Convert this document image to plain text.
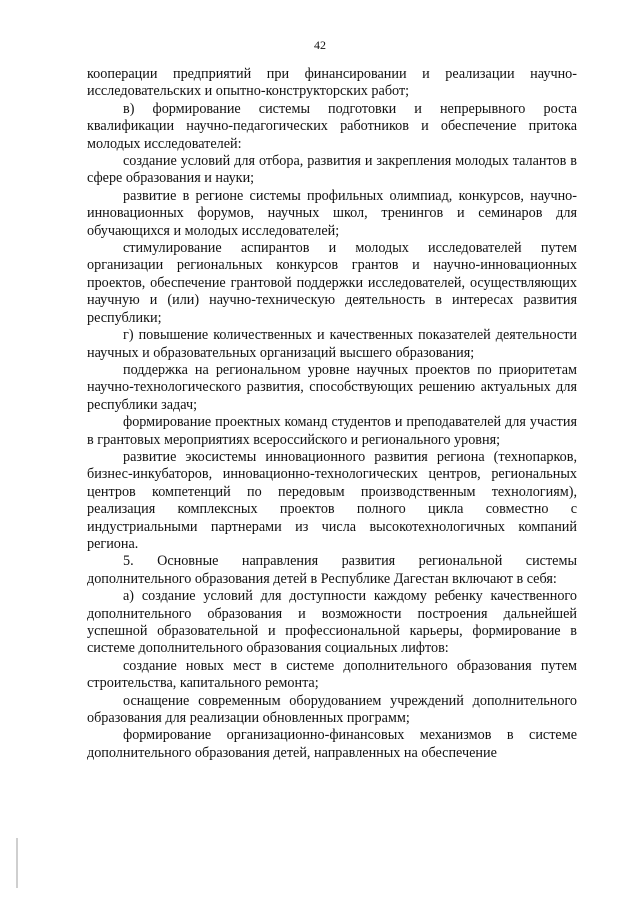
42

кооперации предприятий при финансировании и реализации научно-исследовательских и опытно-конструкторских работ;

в) формирование системы подготовки и непрерывного роста квалификации научно-педагогических работников и обеспечение притока молодых исследователей:

создание условий для отбора, развития и закрепления молодых талантов в сфере образования и науки;

развитие в регионе системы профильных олимпиад, конкурсов, научно-инновационных форумов, научных школ, тренингов и семинаров для обучающихся и молодых исследователей;

стимулирование аспирантов и молодых исследователей путем организации региональных конкурсов грантов и научно-инновационных проектов, обеспечение грантовой поддержки исследователей, осуществляющих научную и (или) научно-техническую деятельность в интересах развития республики;

г) повышение количественных и качественных показателей деятельности научных и образовательных организаций высшего образования;

поддержка на региональном уровне научных проектов по приоритетам научно-технологического развития, способствующих решению актуальных для республики задач;

формирование проектных команд студентов и преподавателей для участия в грантовых мероприятиях всероссийского и регионального уровня;

развитие экосистемы инновационного развития региона (технопарков, бизнес-инкубаторов, инновационно-технологических центров, региональных центров компетенций по передовым производственным технологиям), реализация комплексных проектов полного цикла совместно с индустриальными партнерами из числа высокотехнологичных компаний региона.

5. Основные направления развития региональной системы дополнительного образования детей в Республике Дагестан включают в себя:

а) создание условий для доступности каждому ребенку качественного дополнительного образования и возможности построения дальнейшей успешной образовательной и профессиональной карьеры, формирование в системе дополнительного образования социальных лифтов:

создание новых мест в системе дополнительного образования путем строительства, капитального ремонта;

оснащение современным оборудованием учреждений дополнительного образования для реализации обновленных программ;

формирование организационно-финансовых механизмов в системе дополнительного образования детей, направленных на обеспечение
